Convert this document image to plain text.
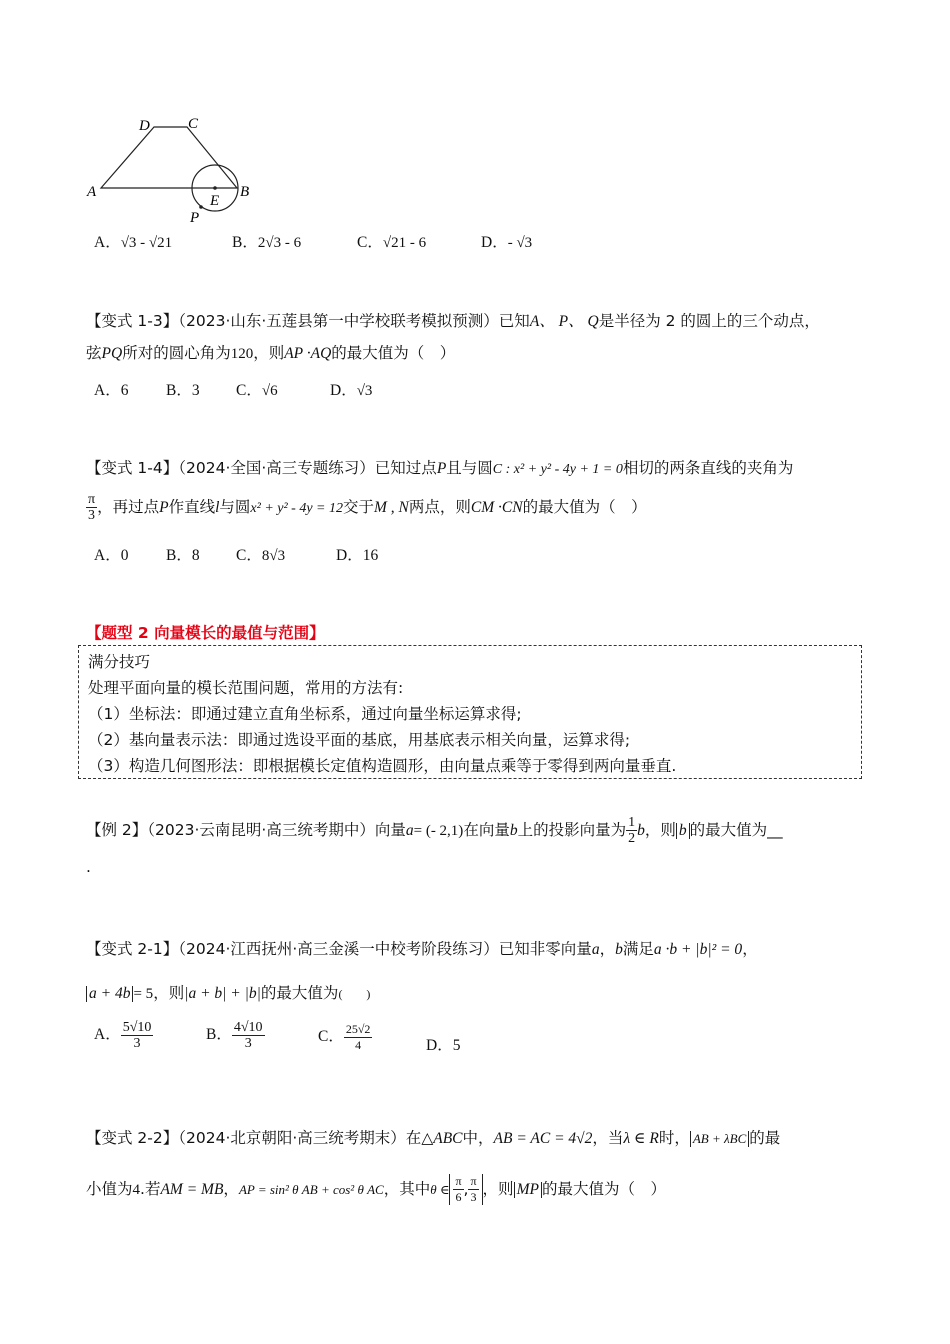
D	C
A	B
E
P
A．√3 - √21	B．2√3 - 6	C．√21 - 6	D．- √3
【变式 1-3】（2023·山东·五莲县第一中学校联考模拟预测）已知A、 P、 Q是半径为 2 的圆上的三个动点，
弦PQ所对的圆心角为120，则AP ·AQ的最大值为（　）
A．6 B．3 C．√6	D．√3
【变式 1-4】（2024·全国·高三专题练习）已知过点P且与圆C : x² + y² - 4y + 1 = 0相切的两条直线的夹角为
$\frac{\pi}{3}$ ，再过点P作直线l与圆x² + y² - 4y = 12交于M , N两点，则CM ·CN的最大值为（　）
A．0 B．8 C．8√3	D．16
【题型 2 向量模长的最值与范围】
满分技巧
处理平面向量的模长范围问题，常用的方法有:
（1）坐标法：即通过建立直角坐标系，通过向量坐标运算求得;
（2）基向量表示法：即通过选设平面的基底，用基底表示相关向量，运算求得;
（3）构造几何图形法：即根据模长定值构造圆形，由向量点乘等于零得到两向量垂直.
【例 2】（2023·云南昆明·高三统考期中）向量a= (- 2,1)在向量b上的投影向量为 $\frac{1}{2}$ b，则 b 的最大值为__
.
【变式 2-1】（2024·江西抚州·高三金溪一中校考阶段练习）已知非零向量a，b满足a ·b + |b|² = 0，
a + 4b = 5，则|a + b| + |b|的最大值为(　　)
A． $\frac{5√10}{3}$	B． $\frac{4√10}{3}$	C． $\frac{25√2}{4}$	D．5
【变式 2-2】（2024·北京朝阳·高三统考期末）在△ABC中，AB = AC = 4√2，当λ ∈ R时， AB + λBC 的最
小值为4.若AM = MB，AP = sin² θ AB + cos² θ AC，其中θ ∈ $\frac{\pi}{6}$ , $\frac{\pi}{3}$ ，则 MP 的最大值为（　）
